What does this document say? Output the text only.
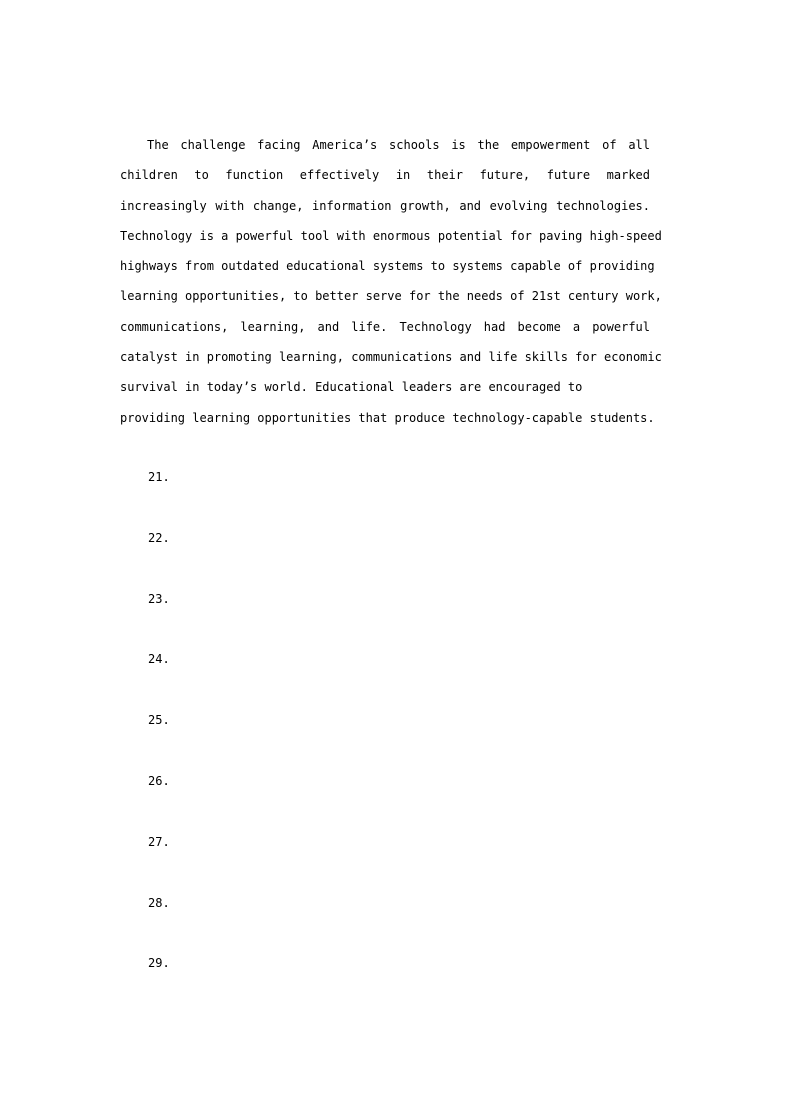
The challenge facing America’s schools is the empowerment of all
children to function effectively in their future, future marked
increasingly with change, information growth, and evolving technologies.
Technology is a powerful tool with enormous potential for paving high-speed
highways from outdated educational systems to systems capable of providing
learning opportunities, to better serve for the needs of 21st century work,
communications, learning, and life. Technology had become a powerful
catalyst in promoting learning, communications and life skills for economic
survival in today’s world. Educational leaders are encouraged to
providing learning opportunities that produce technology-capable students.
21.
22.
23.
24.
25.
26.
27.
28.
29.
